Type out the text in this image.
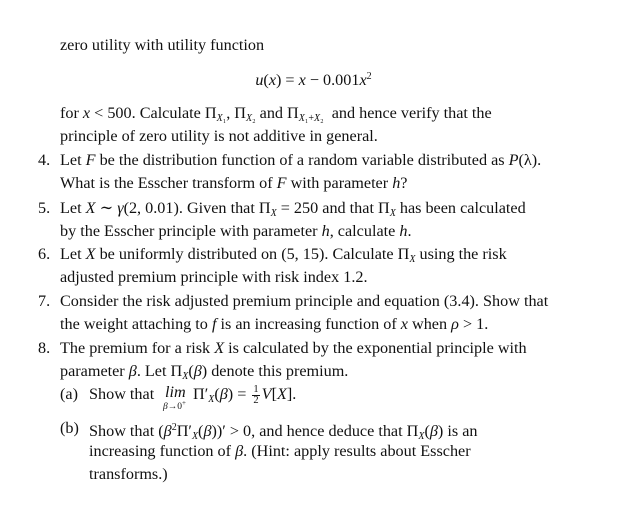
zero utility with utility function
$u(x) = x - 0.001x^2$
for x < 500. Calculate $\Pi_{X_1}$, $\Pi_{X_2}$ and $\Pi_{X_1+X_2}$  and hence verify that the
principle of zero utility is not additive in general.
4. Let F be the distribution function of a random variable distributed as P(λ).
What is the Esscher transform of F with parameter h?
5. Let X ∼ γ(2, 0.01). Given that $\Pi_X = 250$ and that $\Pi_X$ has been calculated
by the Esscher principle with parameter h, calculate h.
6. Let X be uniformly distributed on (5, 15). Calculate $\Pi_X$ using the risk
adjusted premium principle with risk index 1.2.
7. Consider the risk adjusted premium principle and equation (3.4). Show that
the weight attaching to f is an increasing function of x when ρ > 1.
8. The premium for a risk X is calculated by the exponential principle with
parameter β. Let $\Pi_X(\beta)$ denote this premium.
(a) Show that lim
β→0+ $\Pi'_X(\beta) = \frac{1}{2} V[X]$.
(b) Show that $(\beta^2\Pi'_X(\beta))' > 0$, and hence deduce that $\Pi_X(\beta)$ is an
increasing function of β. (Hint: apply results about Esscher
transforms.)
